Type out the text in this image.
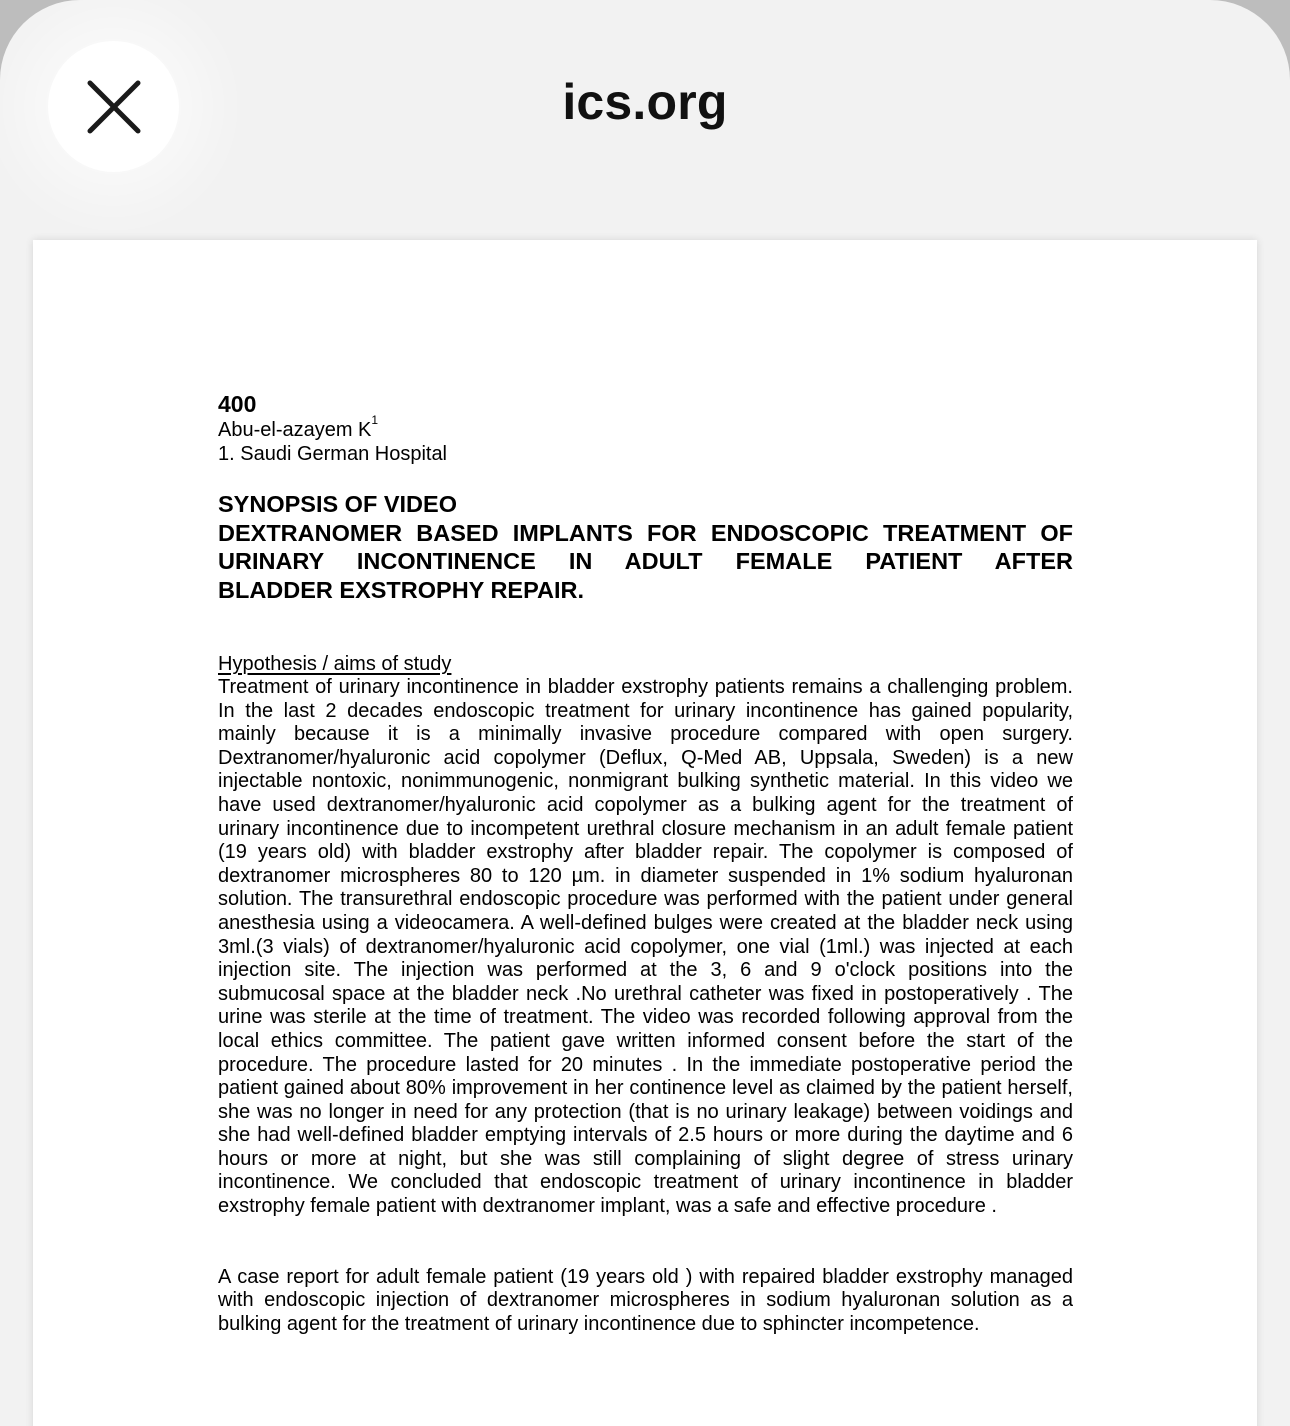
ics.org
400
Abu-el-azayem $K^1$
1. Saudi German Hospital
SYNOPSIS OF VIDEO
DEXTRANOMER BASED IMPLANTS FOR ENDOSCOPIC TREATMENT OF URINARY INCONTINENCE IN ADULT FEMALE PATIENT AFTER
BLADDER EXSTROPHY REPAIR.
Hypothesis / aims of study

Treatment of urinary incontinence in bladder exstrophy patients remains a challenging problem. In the last 2 decades endoscopic treatment for urinary incontinence has gained popularity, mainly because it is a minimally invasive procedure compared with open surgery. Dextranomer/hyaluronic acid copolymer (Deflux, Q-Med AB, Uppsala, Sweden) is a new injectable nontoxic, nonimmunogenic, nonmigrant bulking synthetic material. In this video we have used dextranomer/hyaluronic acid copolymer as a bulking agent for the treatment of urinary incontinence due to incompetent urethral closure mechanism in an adult female patient (19 years old) with bladder exstrophy after bladder repair. The copolymer is composed of dextranomer microspheres 80 to 120 µm. in diameter suspended in 1% sodium hyaluronan solution. The transurethral endoscopic procedure was performed with the patient under general anesthesia using a videocamera. A well-defined bulges were created at the bladder neck using 3ml.(3 vials) of dextranomer/hyaluronic acid copolymer, one vial (1ml.) was injected at each injection site. The injection was performed at the 3, 6 and 9 o'clock positions into the submucosal space at the bladder neck .No urethral catheter was fixed in postoperatively . The urine was sterile at the time of treatment. The video was recorded following approval from the local ethics committee. The patient gave written informed consent before the start of the procedure. The procedure lasted for 20 minutes . In the immediate postoperative period the patient gained about 80% improvement in her continence level as claimed by the patient herself, she was no longer in need for any protection (that is no urinary leakage) between voidings and she had well-defined bladder emptying intervals of 2.5 hours or more during the daytime and 6 hours or more at night, but she was still complaining of slight degree of stress urinary incontinence. We concluded that endoscopic treatment of urinary incontinence in bladder exstrophy female patient with dextranomer implant, was a safe and effective procedure .

A case report for adult female patient (19 years old ) with repaired bladder exstrophy managed with endoscopic injection of dextranomer microspheres in sodium hyaluronan solution as a bulking agent for the treatment of urinary incontinence due to sphincter incompetence.
